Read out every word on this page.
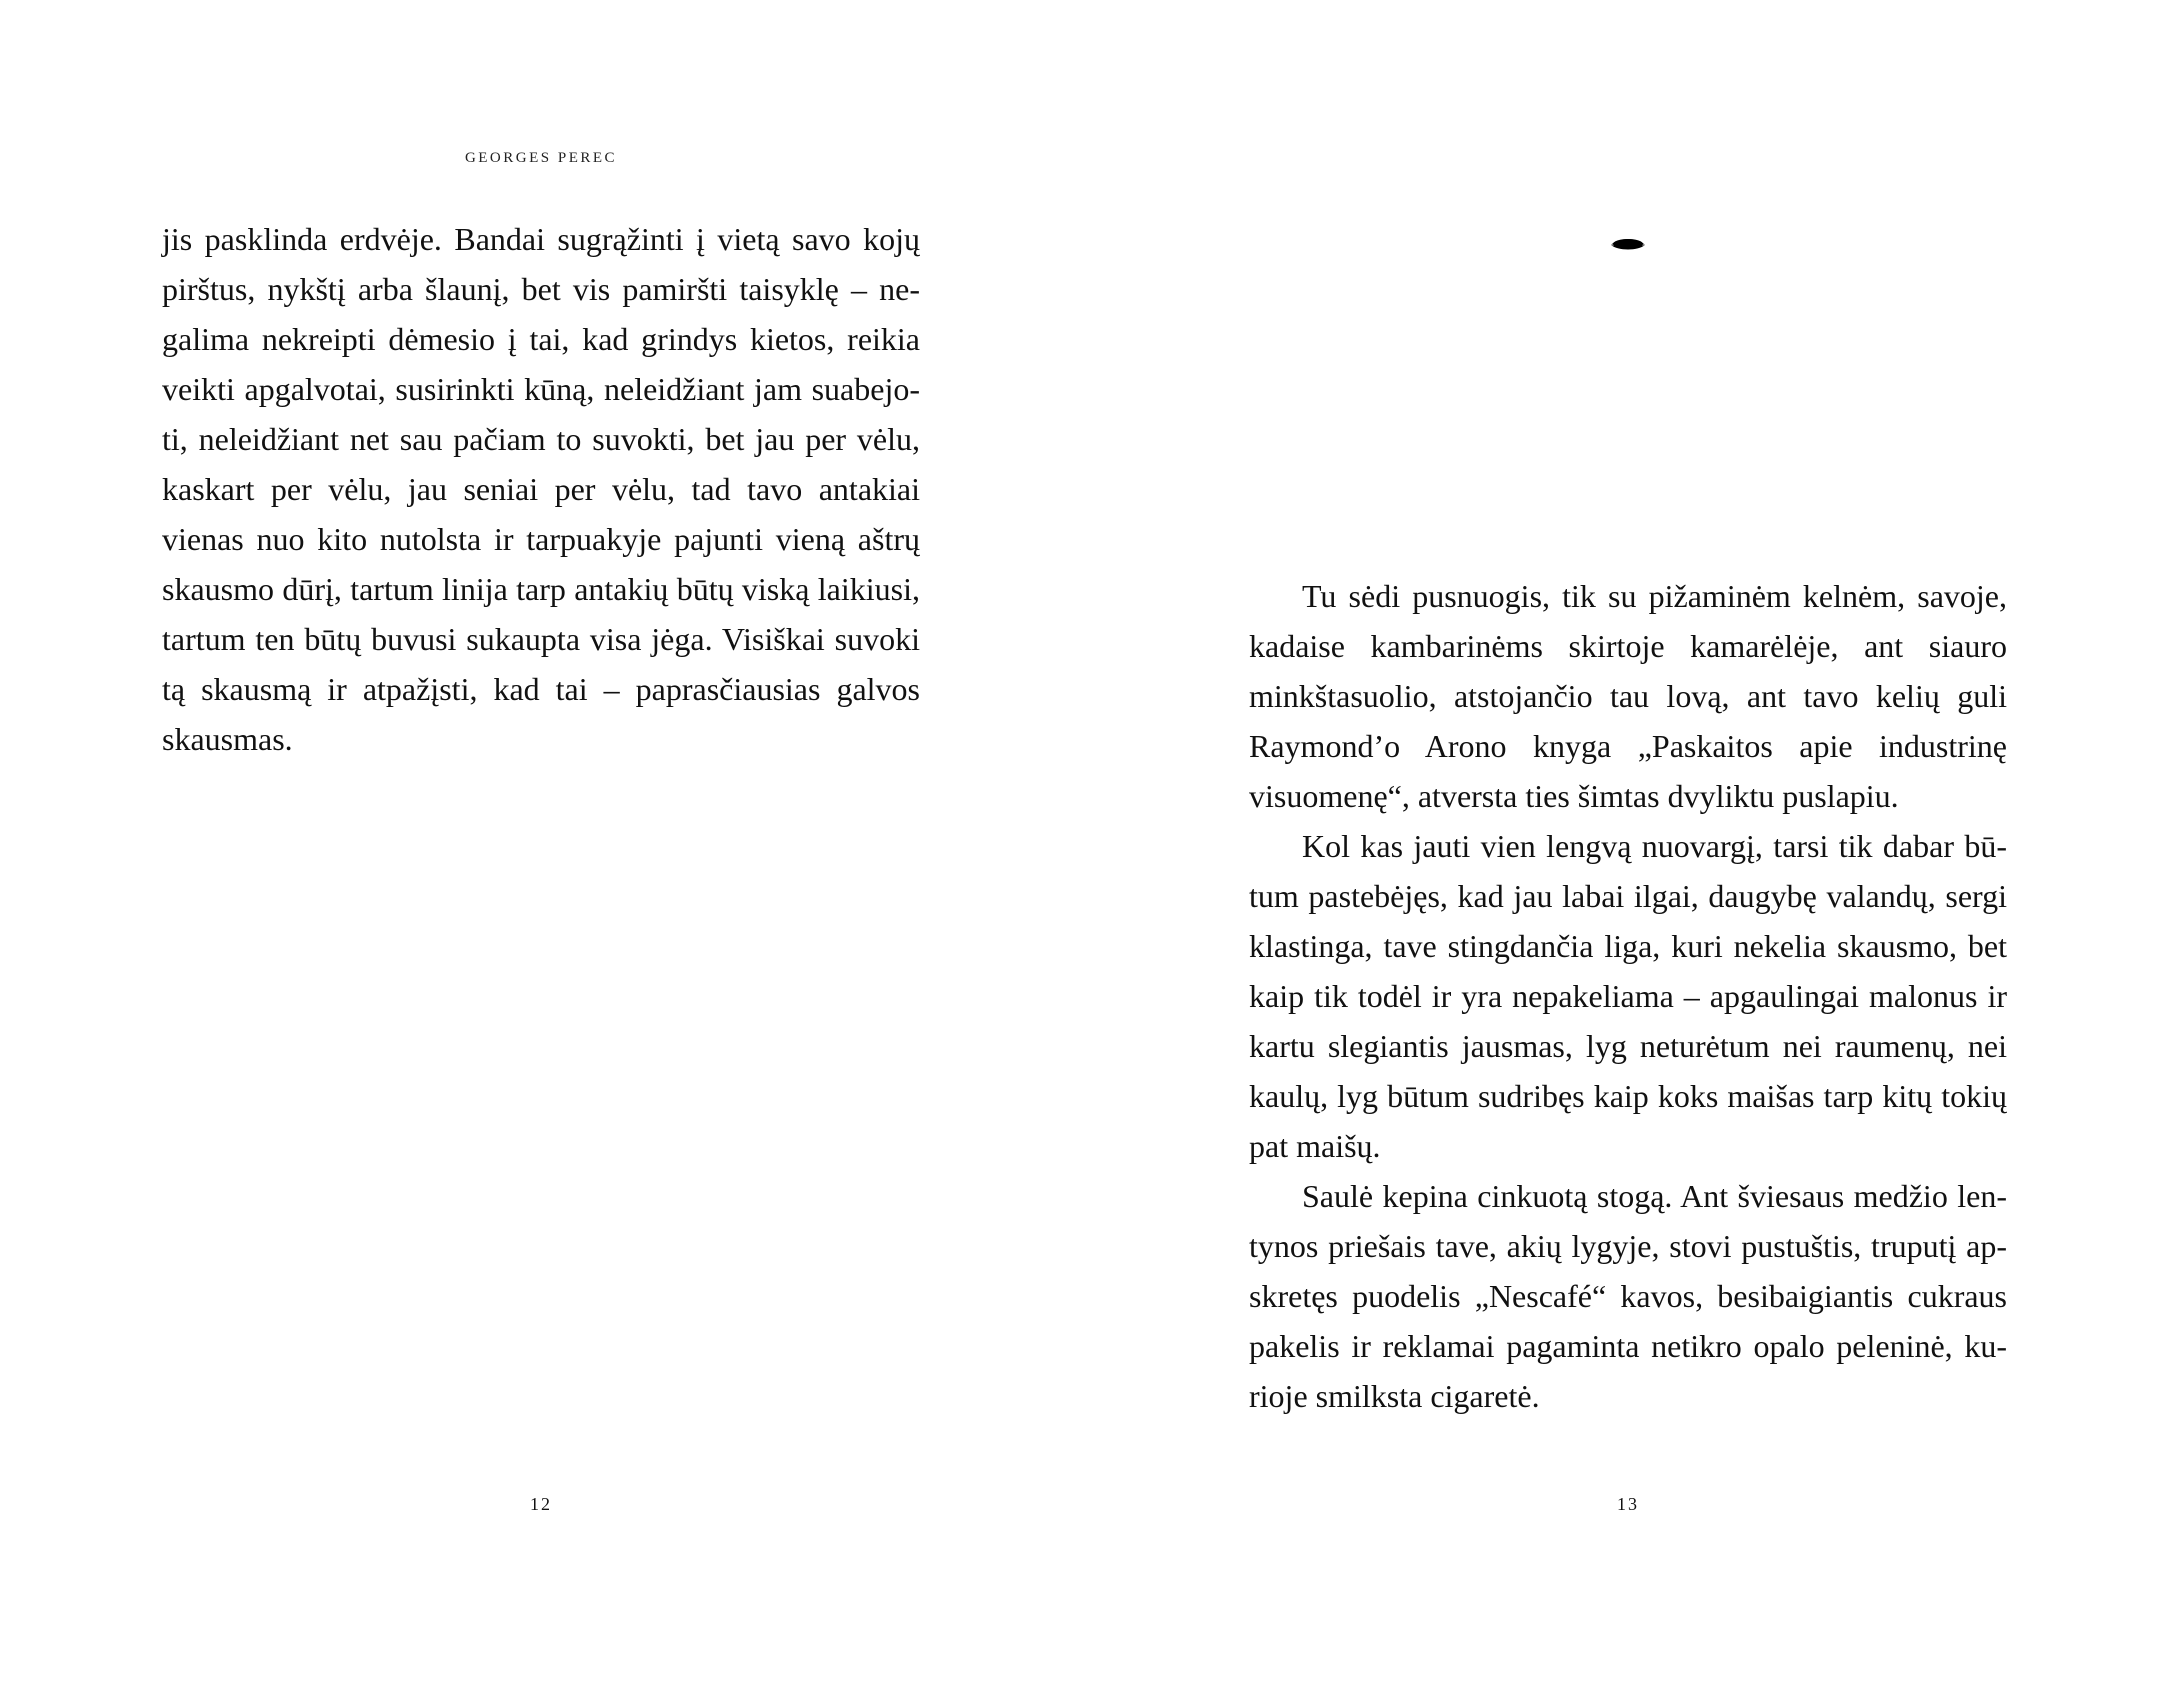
GEORGES PEREC

jis pasklinda erdvėje. Bandai sugrąžinti į vietą savo kojų pirštus, nykštį arba šlaunį, bet vis pamiršti taisyklę – negalima nekreipti dėmesio į tai, kad grindys kietos, reikia veikti apgalvotai, susirinkti kūną, neleidžiant jam suabejoti, neleidžiant net sau pačiam to suvokti, bet jau per vėlu, kaskart per vėlu, jau seniai per vėlu, tad tavo antakiai vienas nuo kito nutolsta ir tarpuakyje pajunti vieną aštrų skausmo dūrį, tartum linija tarp antakių būtų viską laikiusi, tartum ten būtų buvusi sukaupta visa jėga. Visiškai suvoki tą skausmą ir atpažįsti, kad tai – paprasčiausias galvos skausmas.

12

Tu sėdi pusnuogis, tik su pižaminėm kelnėm, savoje, kadaise kambarinėms skirtoje kamarėlėje, ant siauro minkštasuolio, atstojančio tau lovą, ant tavo kelių guli Raymond’o Arono knyga „Paskaitos apie industrinę visuomenę“, atversta ties šimtas dvyliktu puslapiu.

Kol kas jauti vien lengvą nuovargį, tarsi tik dabar būtum pastebėjęs, kad jau labai ilgai, daugybę valandų, sergi klastinga, tave stingdančia liga, kuri nekelia skausmo, bet kaip tik todėl ir yra nepakeliama – apgaulingai malonus ir kartu slegiantis jausmas, lyg neturėtum nei raumenų, nei kaulų, lyg būtum sudribęs kaip koks maišas tarp kitų tokių pat maišų.

Saulė kepina cinkuotą stogą. Ant šviesaus medžio lentynos priešais tave, akių lygyje, stovi pustuštis, truputį apskretęs puodelis „Nescafé“ kavos, besibaigiantis cukraus pakelis ir reklamai pagaminta netikro opalo peleninė, kurioje smilksta cigaretė.

13
